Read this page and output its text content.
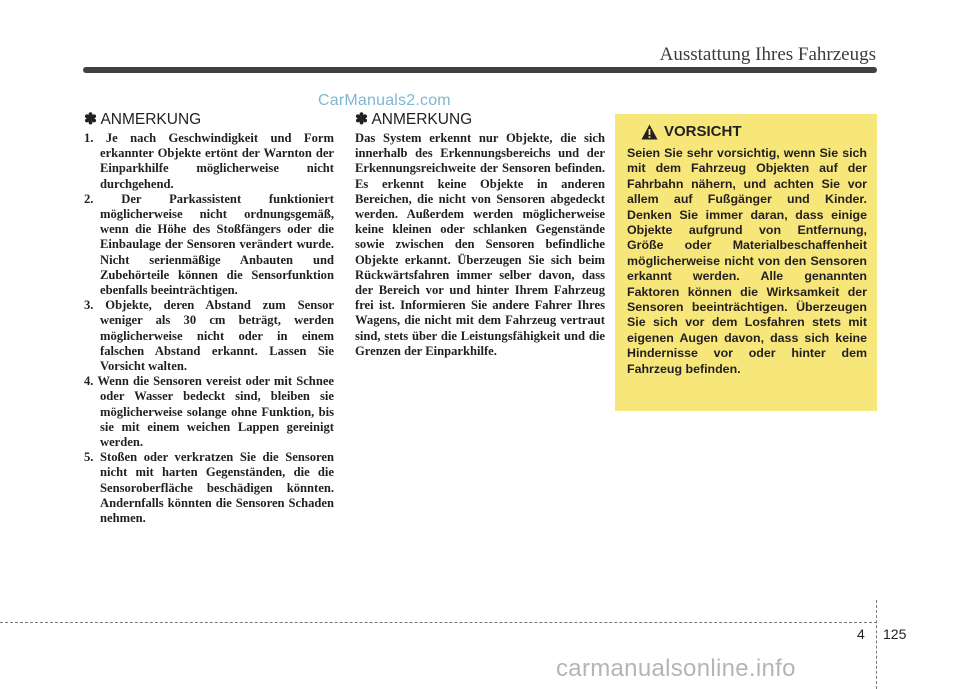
Ausstattung Ihres Fahrzeugs
CarManuals2.com
✽ ANMERKUNG
1. Je nach Geschwindigkeit und Form erkannter Objekte ertönt der Warnton der Einparkhilfe möglicherweise nicht durchgehend.
2. Der Parkassistent funktioniert möglicherweise nicht ordnungsgemäß, wenn die Höhe des Stoßfängers oder die Einbaulage der Sensoren verändert wurde. Nicht serienmäßige Anbauten und Zubehörteile können die Sensorfunktion ebenfalls beeinträchtigen.
3. Objekte, deren Abstand zum Sensor weniger als 30 cm beträgt, werden möglicherweise nicht oder in einem falschen Abstand erkannt. Lassen Sie Vorsicht walten.
4. Wenn die Sensoren vereist oder mit Schnee oder Wasser bedeckt sind, bleiben sie möglicherweise solange ohne Funktion, bis sie mit einem weichen Lappen gereinigt werden.
5. Stoßen oder verkratzen Sie die Sensoren nicht mit harten Gegenständen, die die Sensoroberfläche beschädigen könnten. Andernfalls könnten die Sensoren Schaden nehmen.
✽ ANMERKUNG

Das System erkennt nur Objekte, die sich innerhalb des Erkennungsbereichs und der Erkennungsreichweite der Sensoren befinden. Es erkennt keine Objekte in anderen Bereichen, die nicht von Sensoren abgedeckt werden. Außerdem werden möglicherweise keine kleinen oder schlanken Gegenstände sowie zwischen den Sensoren befindliche Objekte erkannt. Überzeugen Sie sich beim Rückwärtsfahren immer selber davon, dass der Bereich vor und hinter Ihrem Fahrzeug frei ist. Informieren Sie andere Fahrer Ihres Wagens, die nicht mit dem Fahrzeug vertraut sind, stets über die Leistungsfähigkeit und die Grenzen der Einparkhilfe.

VORSICHT

Seien Sie sehr vorsichtig, wenn Sie sich mit dem Fahrzeug Objekten auf der Fahrbahn nähern, und achten Sie vor allem auf Fußgänger und Kinder. Denken Sie immer daran, dass einige Objekte aufgrund von Entfernung, Größe oder Materialbeschaffenheit möglicherweise nicht von den Sensoren erkannt werden. Alle genannten Faktoren können die Wirksamkeit der Sensoren beeinträchtigen. Überzeugen Sie sich vor dem Losfahren stets mit eigenen Augen davon, dass sich keine Hindernisse vor oder hinter dem Fahrzeug befinden.

4 125
carmanualsonline.info
